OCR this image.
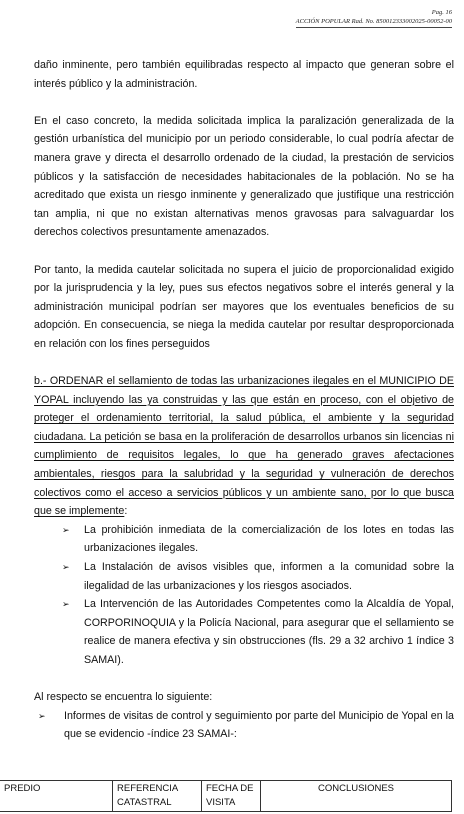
Pag. 16
ACCIÓN POPULAR Rad. No. 850012333002025-00052-00

daño inminente, pero también equilibradas respecto al impacto que generan sobre el interés público y la administración.

En el caso concreto, la medida solicitada implica la paralización generalizada de la gestión urbanística del municipio por un periodo considerable, lo cual podría afectar de manera grave y directa el desarrollo ordenado de la ciudad, la prestación de servicios públicos y la satisfacción de necesidades habitacionales de la población. No se ha acreditado que exista un riesgo inminente y generalizado que justifique una restricción tan amplia, ni que no existan alternativas menos gravosas para salvaguardar los derechos colectivos presuntamente amenazados.

Por tanto, la medida cautelar solicitada no supera el juicio de proporcionalidad exigido por la jurisprudencia y la ley, pues sus efectos negativos sobre el interés general y la administración municipal podrían ser mayores que los eventuales beneficios de su adopción. En consecuencia, se niega la medida cautelar por resultar desproporcionada en relación con los fines perseguidos

b.- ORDENAR el sellamiento de todas las urbanizaciones ilegales en el MUNICIPIO DE YOPAL incluyendo las ya construidas y las que están en proceso, con el objetivo de proteger el ordenamiento territorial, la salud pública, el ambiente y la seguridad ciudadana. La petición se basa en la proliferación de desarrollos urbanos sin licencias ni cumplimiento de requisitos legales, lo que ha generado graves afectaciones ambientales, riesgos para la salubridad y la seguridad y vulneración de derechos colectivos como el acceso a servicios públicos y un ambiente sano, por lo que busca que se implemente:

➢ La prohibición inmediata de la comercialización de los lotes en todas las urbanizaciones ilegales.
➢ La Instalación de avisos visibles que, informen a la comunidad sobre la ilegalidad de las urbanizaciones y los riesgos asociados.
➢ La Intervención de las Autoridades Competentes como la Alcaldía de Yopal, CORPORINOQUIA y la Policía Nacional, para asegurar que el sellamiento se realice de manera efectiva y sin obstrucciones (fls. 29 a 32 archivo 1 índice 3 SAMAI).

Al respecto se encuentra lo siguiente:

➢	Informes de visitas de control y seguimiento por parte del Municipio de Yopal en la que se evidencio -índice 23 SAMAI-:
PREDIO	REFERENCIA CATASTRAL	FECHA DE VISITA	CONCLUSIONES
